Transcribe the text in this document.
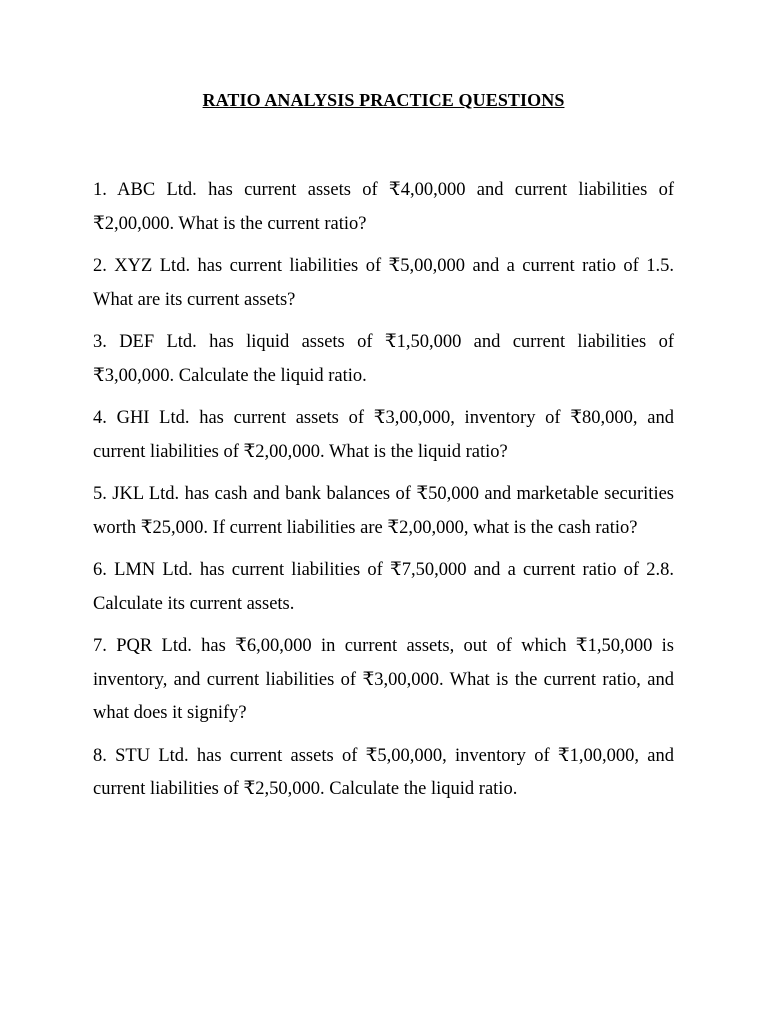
RATIO ANALYSIS PRACTICE QUESTIONS

1. ABC Ltd. has current assets of ₹4,00,000 and current liabilities of ₹2,00,000. What is the current ratio?

2. XYZ Ltd. has current liabilities of ₹5,00,000 and a current ratio of 1.5. What are its current assets?

3. DEF Ltd. has liquid assets of ₹1,50,000 and current liabilities of ₹3,00,000. Calculate the liquid ratio.

4. GHI Ltd. has current assets of ₹3,00,000, inventory of ₹80,000, and current liabilities of ₹2,00,000. What is the liquid ratio?

5. JKL Ltd. has cash and bank balances of ₹50,000 and marketable securities worth ₹25,000. If current liabilities are ₹2,00,000, what is the cash ratio?

6. LMN Ltd. has current liabilities of ₹7,50,000 and a current ratio of 2.8. Calculate its current assets.

7. PQR Ltd. has ₹6,00,000 in current assets, out of which ₹1,50,000 is inventory, and current liabilities of ₹3,00,000. What is the current ratio, and what does it signify?

8. STU Ltd. has current assets of ₹5,00,000, inventory of ₹1,00,000, and current liabilities of ₹2,50,000. Calculate the liquid ratio.
